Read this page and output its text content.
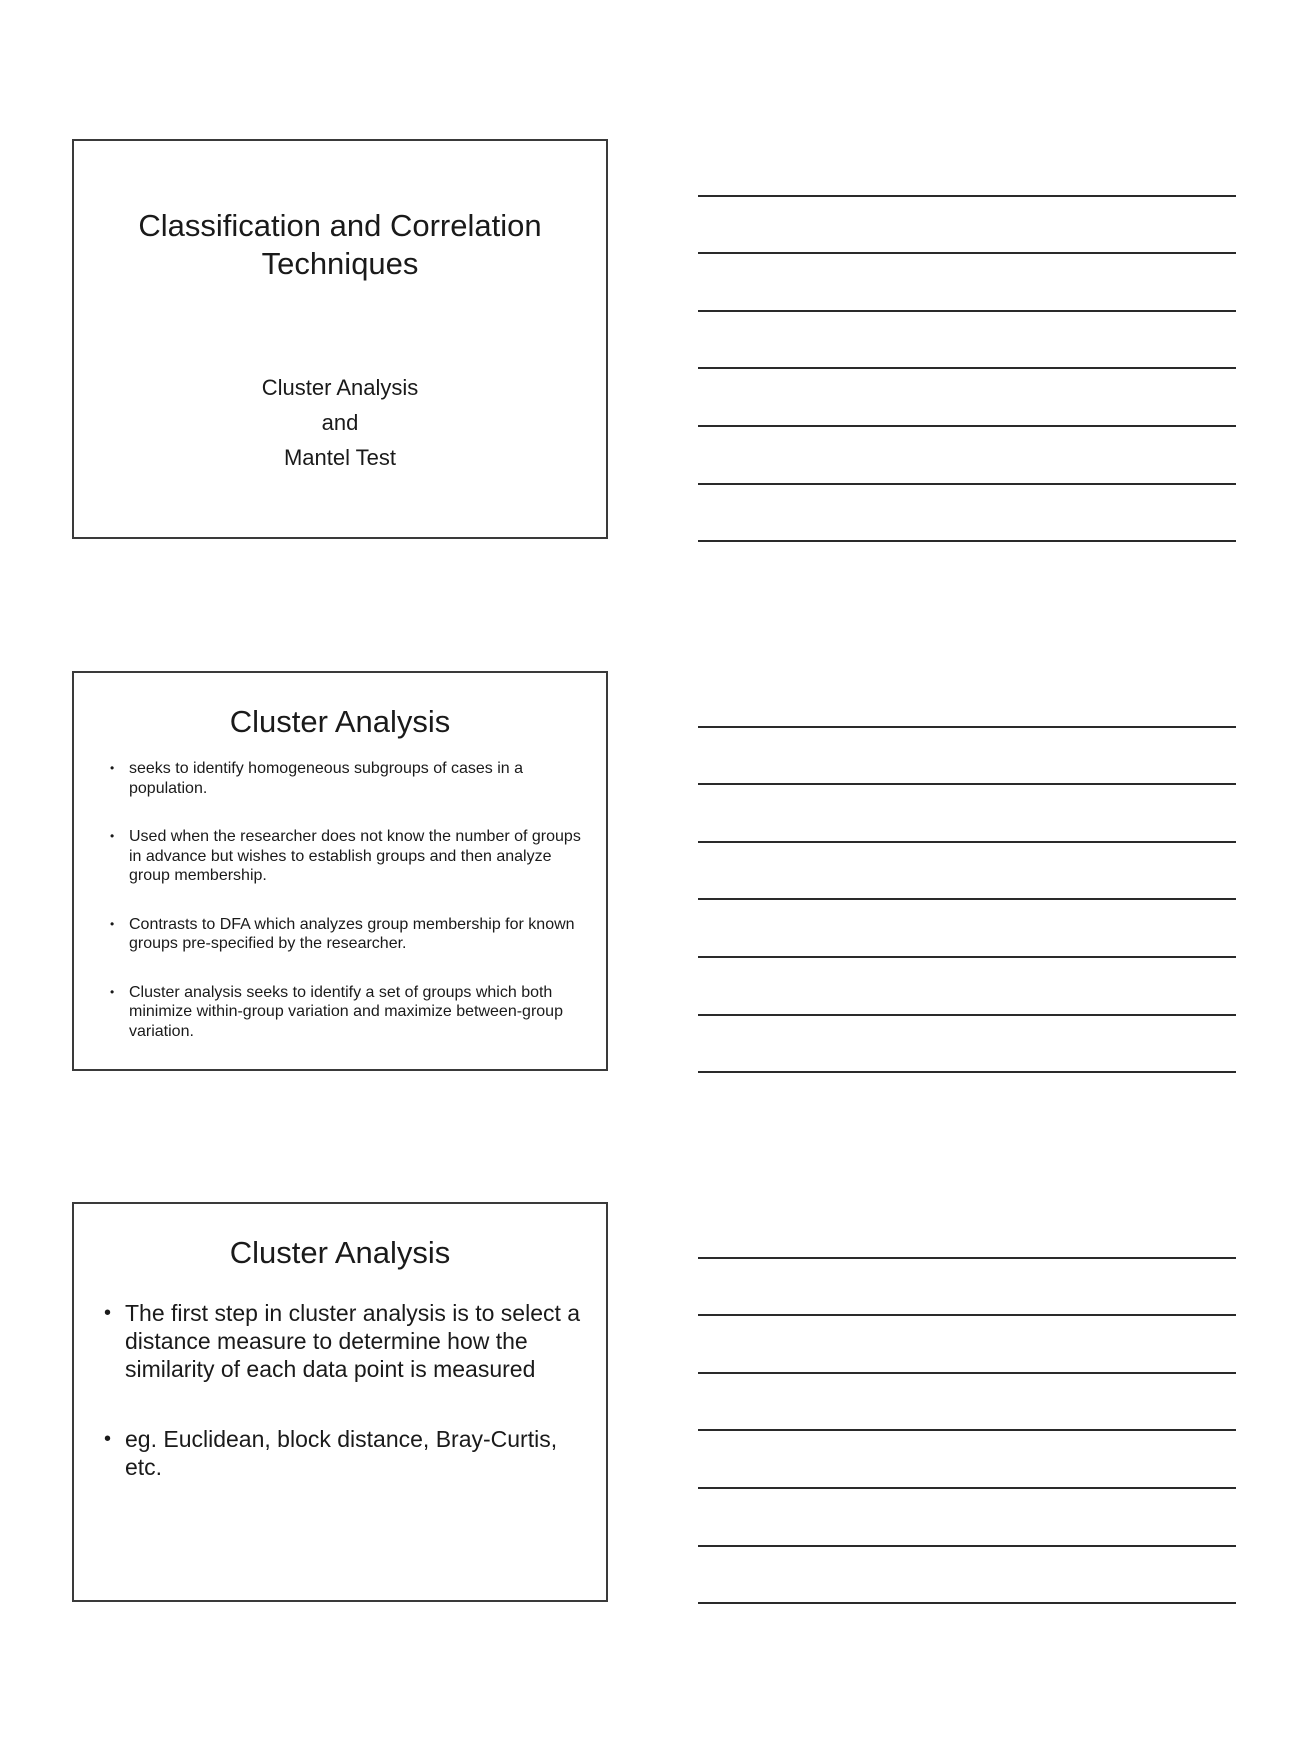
Classification and Correlation
Techniques
Cluster Analysis
and
Mantel Test
Cluster Analysis
• seeks to identify homogeneous subgroups of cases in a population.
• Used when the researcher does not know the number of groups in advance but wishes to establish groups and then analyze group membership.
• Contrasts to DFA which analyzes group membership for known groups pre-specified by the researcher.
• Cluster analysis seeks to identify a set of groups which both minimize within-group variation and maximize between-group variation.
Cluster Analysis
• The first step in cluster analysis is to select a distance measure to determine how the similarity of each data point is measured
• eg. Euclidean, block distance, Bray-Curtis, etc.
